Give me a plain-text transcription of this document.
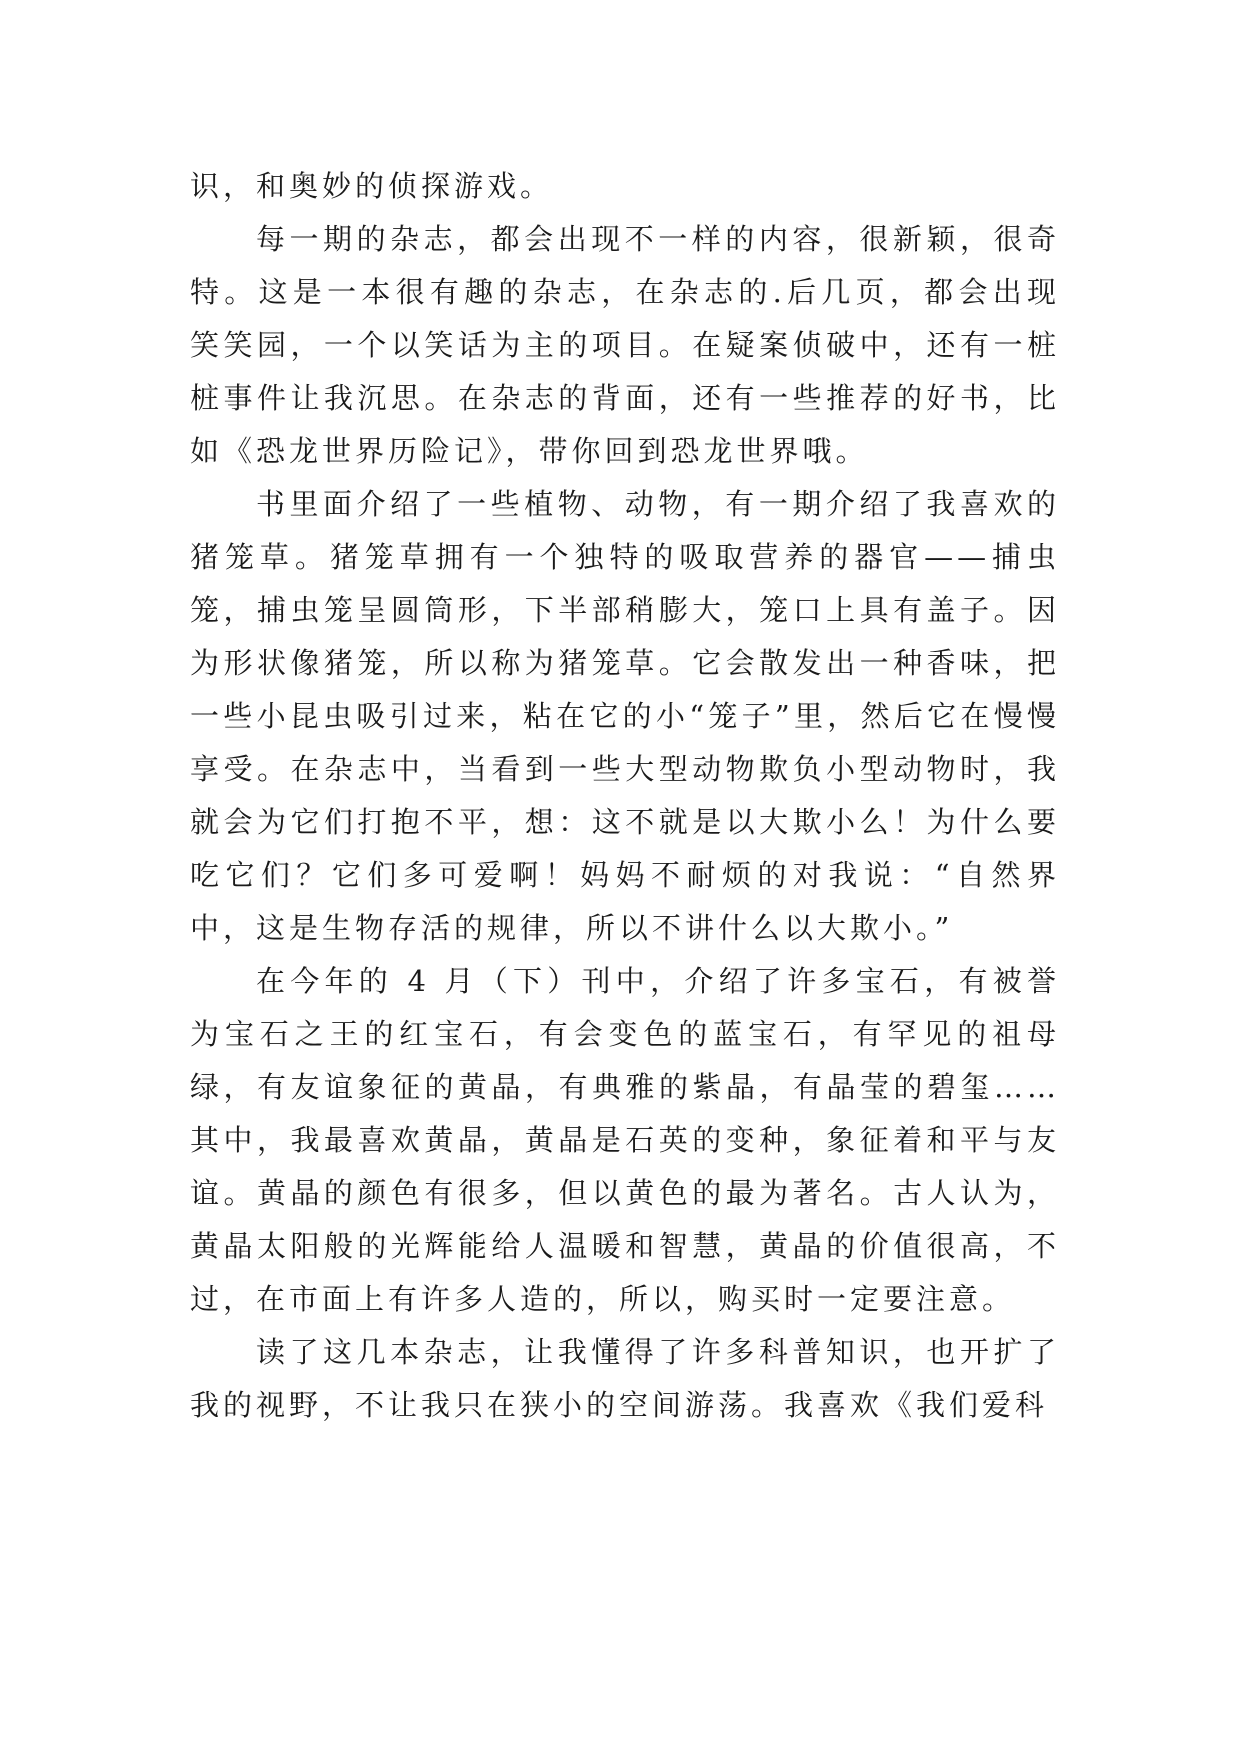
识，和奥妙的侦探游戏。

每一期的杂志，都会出现不一样的内容，很新颖，很奇特。这是一本很有趣的杂志，在杂志的.后几页，都会出现笑笑园，一个以笑话为主的项目。在疑案侦破中，还有一桩桩事件让我沉思。在杂志的背面，还有一些推荐的好书，比如《恐龙世界历险记》，带你回到恐龙世界哦。

书里面介绍了一些植物、动物，有一期介绍了我喜欢的猪笼草。猪笼草拥有一个独特的吸取营养的器官——捕虫笼，捕虫笼呈圆筒形，下半部稍膨大，笼口上具有盖子。因为形状像猪笼，所以称为猪笼草。它会散发出一种香味，把一些小昆虫吸引过来，粘在它的小“笼子”里，然后它在慢慢享受。在杂志中，当看到一些大型动物欺负小型动物时，我就会为它们打抱不平，想：这不就是以大欺小么！为什么要吃它们？它们多可爱啊！妈妈不耐烦的对我说：“自然界中，这是生物存活的规律，所以不讲什么以大欺小。”

在今年的 4 月（下）刊中，介绍了许多宝石，有被誉为宝石之王的红宝石，有会变色的蓝宝石，有罕见的祖母绿，有友谊象征的黄晶，有典雅的紫晶，有晶莹的碧玺……其中，我最喜欢黄晶，黄晶是石英的变种，象征着和平与友谊。黄晶的颜色有很多，但以黄色的最为著名。古人认为，黄晶太阳般的光辉能给人温暖和智慧，黄晶的价值很高，不过，在市面上有许多人造的，所以，购买时一定要注意。

读了这几本杂志，让我懂得了许多科普知识，也开扩了我的视野，不让我只在狭小的空间游荡。我喜欢《我们爱科
